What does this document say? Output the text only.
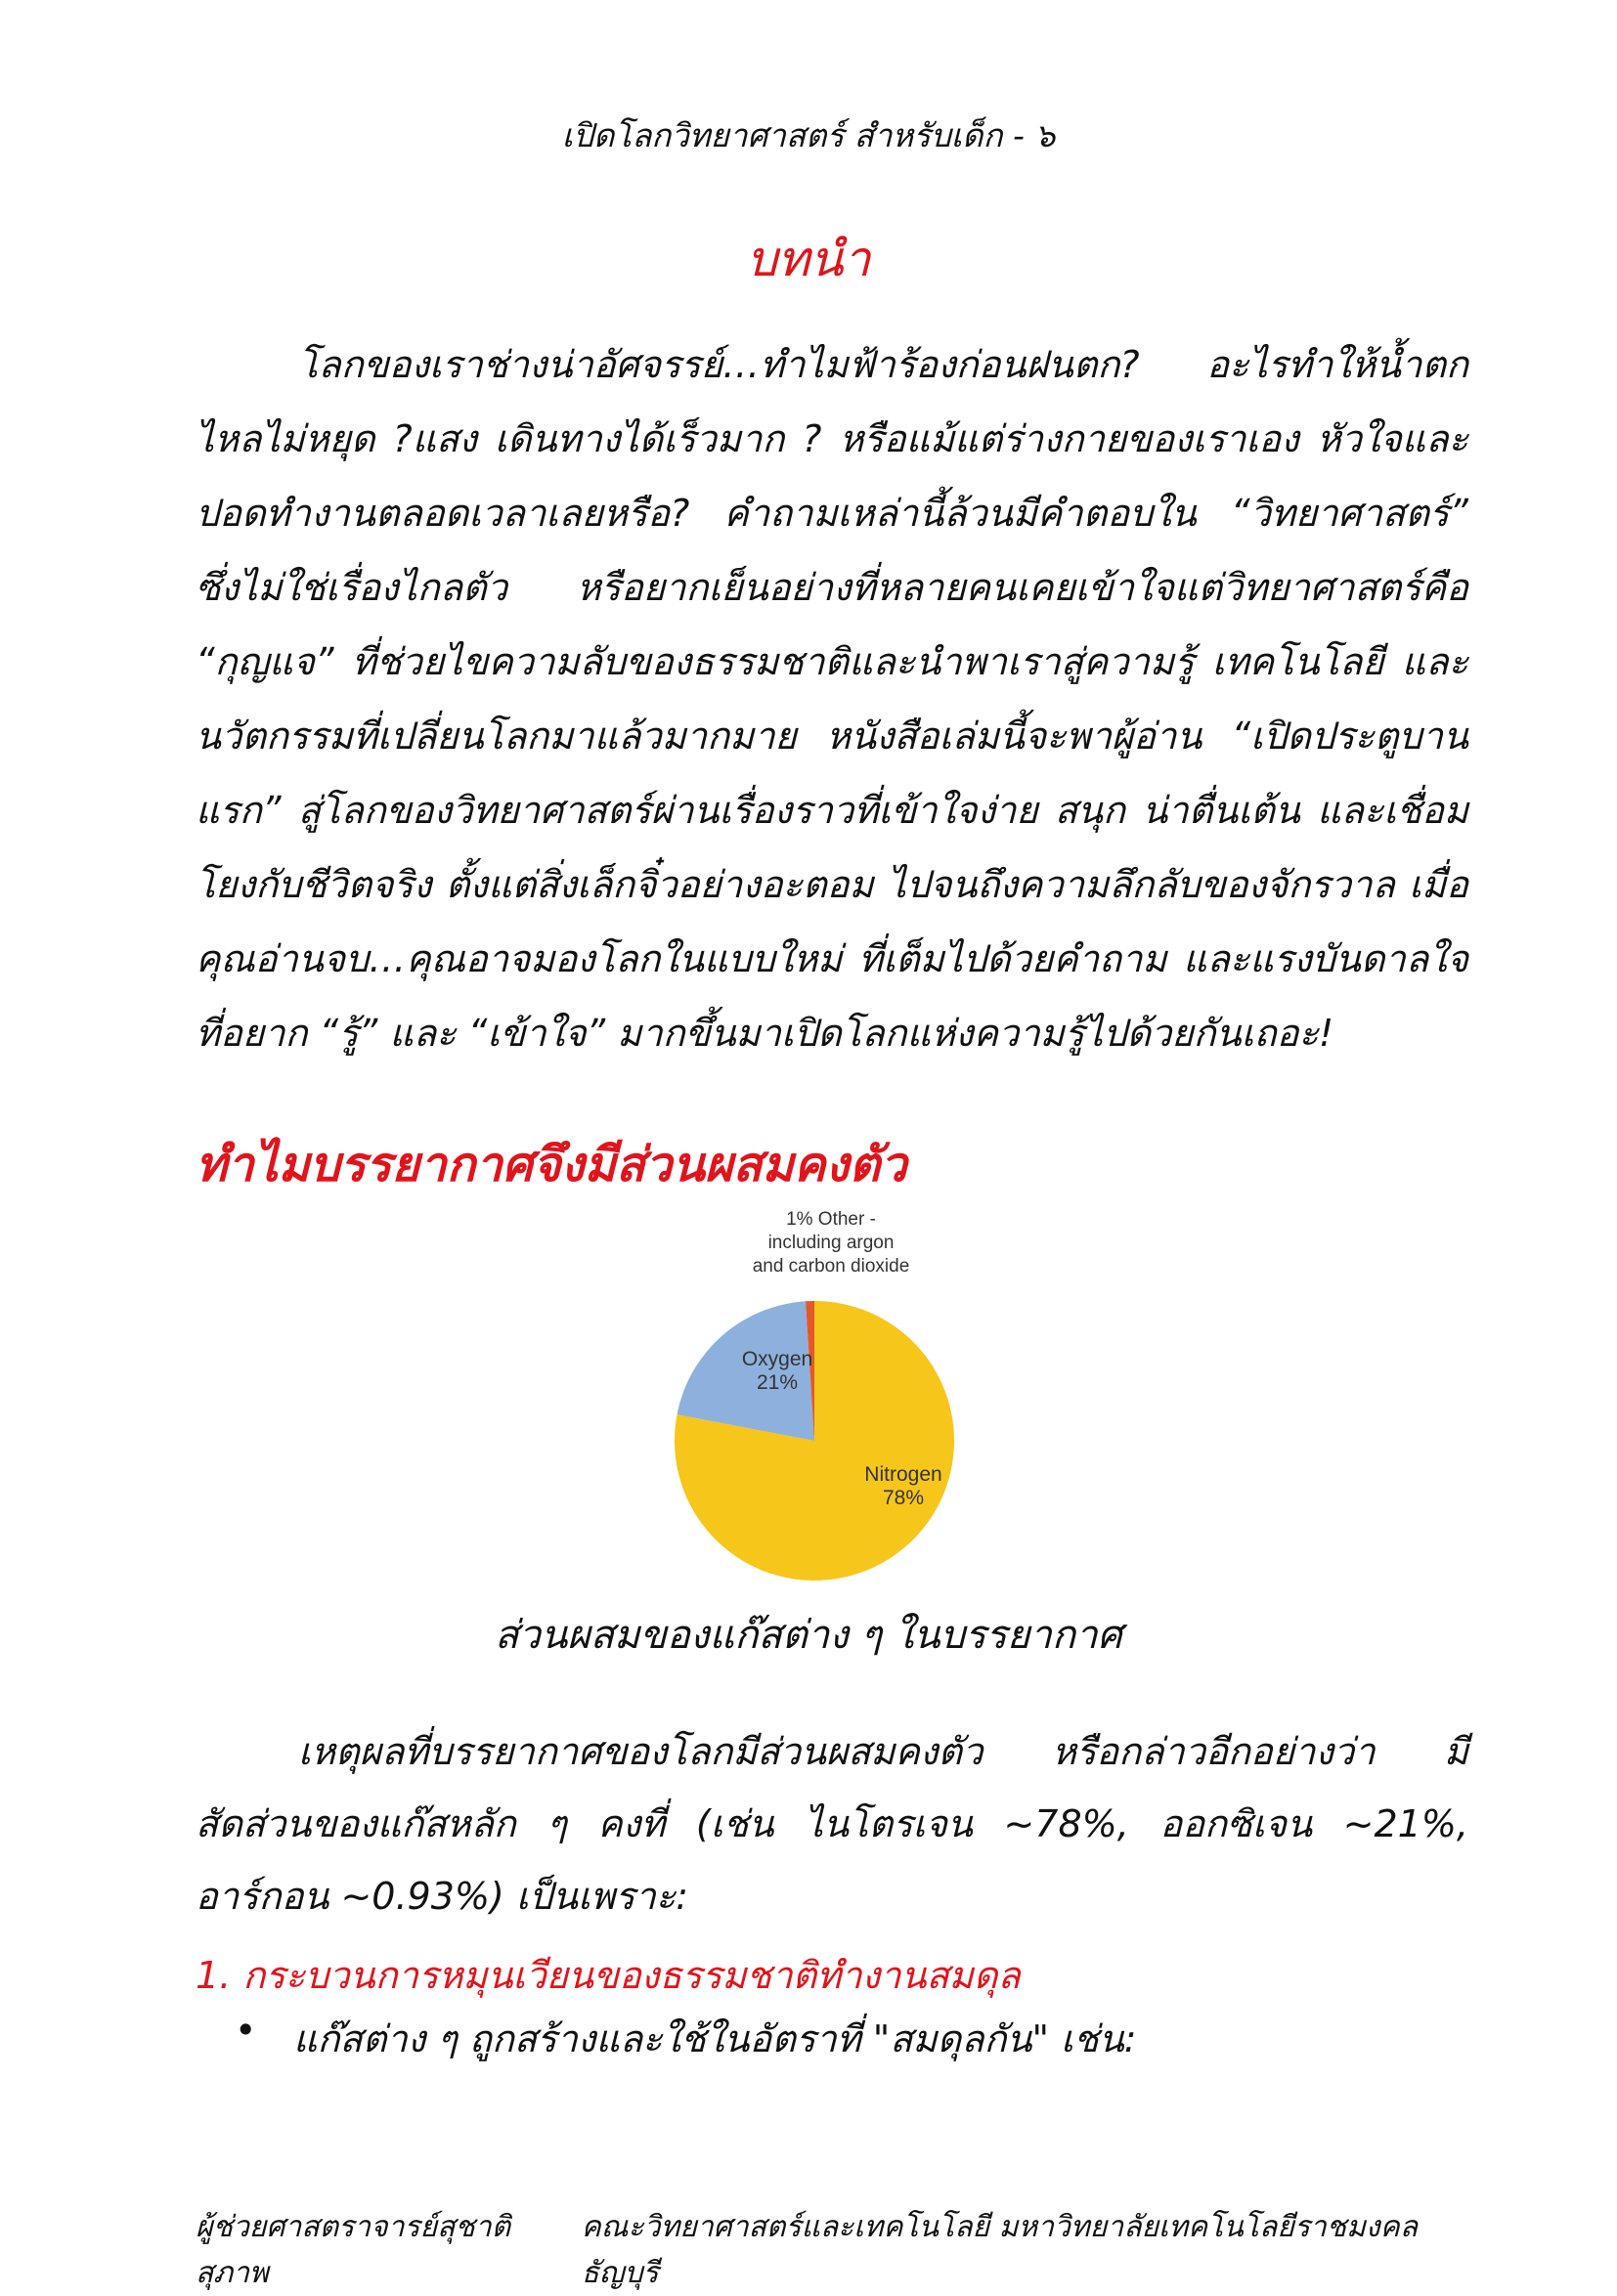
เปิดโลกวิทยาศาสตร์ สำหรับเด็ก - ๖
บทนำ

โลกของเราช่างน่าอัศจรรย์…ทำไมฟ้าร้องก่อนฝนตก? อะไรทำให้น้ำตกไหลไม่หยุด ?แสง เดินทางได้เร็วมาก ? หรือแม้แต่ร่างกายของเราเอง หัวใจและปอดทำงานตลอดเวลาเลยหรือ? คำถามเหล่านี้ล้วนมีคำตอบใน “วิทยาศาสตร์” ซึ่งไม่ใช่เรื่องไกลตัว หรือยากเย็นอย่างที่หลายคนเคยเข้าใจแต่วิทยาศาสตร์คือ “กุญแจ” ที่ช่วยไขความลับของธรรมชาติและนำพาเราสู่ความรู้ เทคโนโลยี และนวัตกรรมที่เปลี่ยนโลกมาแล้วมากมาย หนังสือเล่มนี้จะพาผู้อ่าน “เปิดประตูบานแรก” สู่โลกของวิทยาศาสตร์ผ่านเรื่องราวที่เข้าใจง่าย สนุก น่าตื่นเต้น และเชื่อมโยงกับชีวิตจริง ตั้งแต่สิ่งเล็กจิ๋วอย่างอะตอม ไปจนถึงความลึกลับของจักรวาล เมื่อคุณอ่านจบ…คุณอาจมองโลกในแบบใหม่ ที่เต็มไปด้วยคำถาม และแรงบันดาลใจที่อยาก “รู้” และ “เข้าใจ” มากขึ้นมาเปิดโลกแห่งความรู้ไปด้วยกันเถอะ!

ทำไมบรรยากาศจึงมีส่วนผสมคงตัว
1% Other -
including argon
and carbon dioxide
Nitrogen
78%
Oxygen
21%
ส่วนผสมของแก๊สต่าง ๆ ในบรรยากาศ

เหตุผลที่บรรยากาศของโลกมีส่วนผสมคงตัว หรือกล่าวอีกอย่างว่า มีสัดส่วนของแก๊สหลัก ๆ คงที่ (เช่น ไนโตรเจน ~78%, ออกซิเจน ~21%, อาร์กอน ~0.93%) เป็นเพราะ:

1. กระบวนการหมุนเวียนของธรรมชาติทำงานสมดุล
• แก๊สต่าง ๆ ถูกสร้างและใช้ในอัตราที่ "สมดุลกัน" เช่น:
ผู้ช่วยศาสตราจารย์สุชาติ สุภาพ
คณะวิทยาศาสตร์และเทคโนโลยี มหาวิทยาลัยเทคโนโลยีราชมงคลธัญบุรี
